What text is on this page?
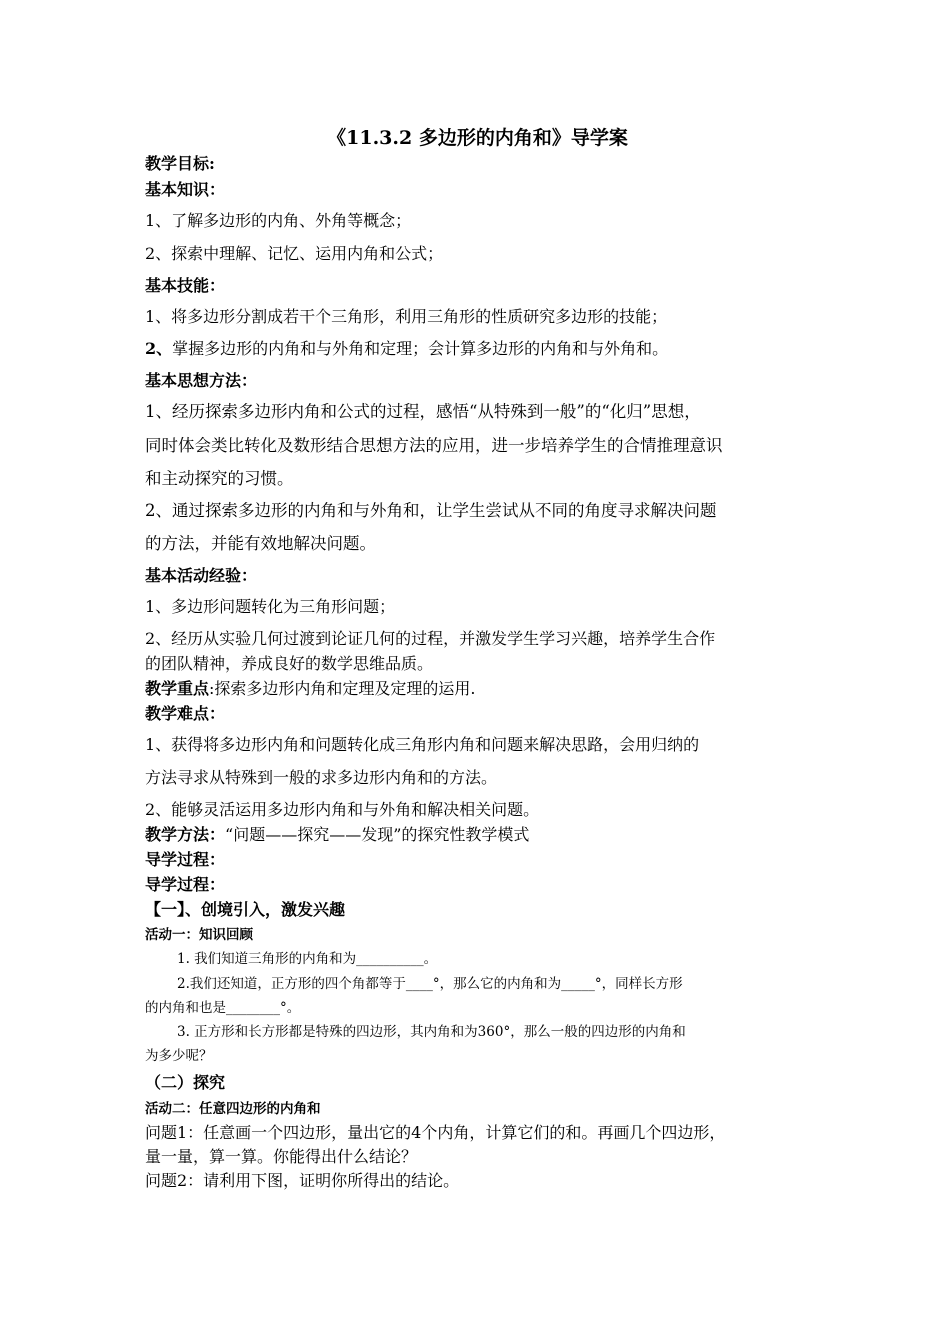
《11.3.2 多边形的内角和》导学案
教学目标:
基本知识：
1、了解多边形的内角、外角等概念；
2、探索中理解、记忆、运用内角和公式；
基本技能：
1、将多边形分割成若干个三角形，利用三角形的性质研究多边形的技能；
2、掌握多边形的内角和与外角和定理；会计算多边形的内角和与外角和。
基本思想方法：
1、经历探索多边形内角和公式的过程，感悟“从特殊到一般”的“化归”思想，
同时体会类比转化及数形结合思想方法的应用，进一步培养学生的合情推理意识
和主动探究的习惯。
2、通过探索多边形的内角和与外角和，让学生尝试从不同的角度寻求解决问题
的方法，并能有效地解决问题。
基本活动经验：
1、多边形问题转化为三角形问题；
2、经历从实验几何过渡到论证几何的过程，并激发学生学习兴趣，培养学生合作
的团队精神，养成良好的数学思维品质。
教学重点:探索多边形内角和定理及定理的运用.
教学难点：
1、获得将多边形内角和问题转化成三角形内角和问题来解决思路，会用归纳的
方法寻求从特殊到一般的求多边形内角和的方法。
2、能够灵活运用多边形内角和与外角和解决相关问题。
教学方法：“问题——探究——发现”的探究性教学模式
导学过程：
导学过程：
【一】、创境引入，激发兴趣
活动一：知识回顾
1. 我们知道三角形的内角和为__________。
2.我们还知道，正方形的四个角都等于____°，那么它的内角和为_____°，同样长方形
的内角和也是________°。
3. 正方形和长方形都是特殊的四边形，其内角和为360°，那么一般的四边形的内角和
为多少呢？
（二）探究
活动二：任意四边形的内角和
问题1：任意画一个四边形，量出它的4个内角，计算它们的和。再画几个四边形，
量一量，算一算。你能得出什么结论？
问题2：请利用下图，证明你所得出的结论。
